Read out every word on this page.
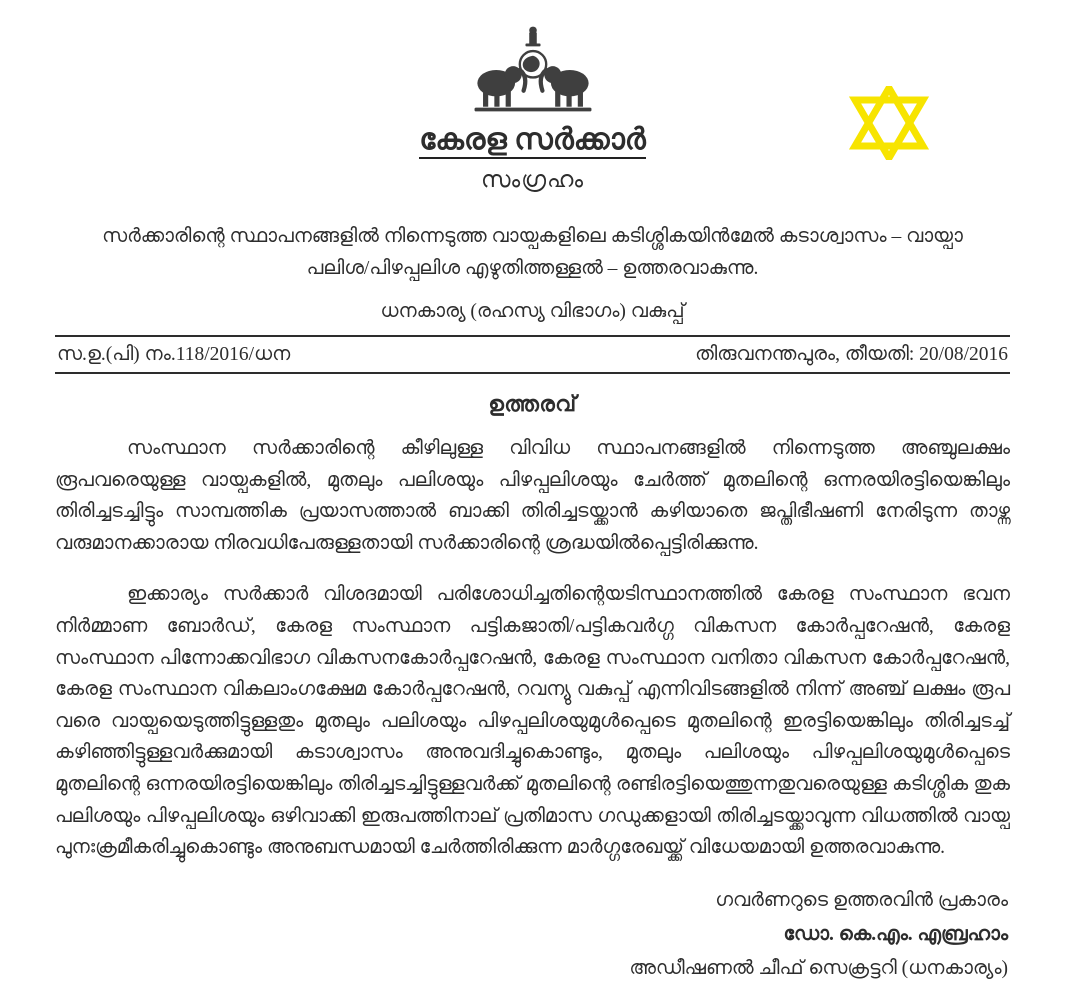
കേരള സർക്കാർ
സംഗ്രഹം

സർക്കാരിന്റെ സ്ഥാപനങ്ങളിൽ നിന്നെടുത്ത വായ്പകളിലെ കടിശ്ശികയിൻമേൽ കടാശ്വാസം – വായ്പാ പലിശ/പിഴപ്പലിശ എഴുതിത്തള്ളൽ – ഉത്തരവാകുന്നു.

ധനകാര്യ (രഹസ്യ വിഭാഗം) വകുപ്പ്
സ.ഉ.(പി) നം.118/2016/ധന	തിരുവനന്തപുരം, തീയതി: 20/08/2016
ഉത്തരവ്

സംസ്ഥാന സർക്കാരിന്റെ കീഴിലുള്ള വിവിധ സ്ഥാപനങ്ങളിൽ നിന്നെടുത്ത അഞ്ചുലക്ഷം രൂപവരെയുള്ള വായ്പകളിൽ, മുതലും പലിശയും പിഴപ്പലിശയും ചേർത്ത് മുതലിന്റെ ഒന്നരയിരട്ടിയെങ്കിലും തിരിച്ചടച്ചിട്ടും സാമ്പത്തിക പ്രയാസത്താൽ ബാക്കി തിരിച്ചടയ്ക്കാൻ കഴിയാതെ ജപ്തിഭീഷണി നേരിടുന്ന താഴ്ന്ന വരുമാനക്കാരായ നിരവധിപേരുള്ളതായി സർക്കാരിന്റെ ശ്രദ്ധയിൽപ്പെട്ടിരിക്കുന്നു.

ഇക്കാര്യം സർക്കാർ വിശദമായി പരിശോധിച്ചതിന്റെയടിസ്ഥാനത്തിൽ കേരള സംസ്ഥാന ഭവന നിർമ്മാണ ബോർഡ്, കേരള സംസ്ഥാന പട്ടികജാതി/പട്ടികവർഗ്ഗ വികസന കോർപ്പറേഷൻ, കേരള സംസ്ഥാന പിന്നോക്കവിഭാഗ വികസനകോർപ്പറേഷൻ, കേരള സംസ്ഥാന വനിതാ വികസന കോർപ്പറേഷൻ, കേരള സംസ്ഥാന വികലാംഗക്ഷേമ കോർപ്പറേഷൻ, റവന്യു വകുപ്പ് എന്നിവിടങ്ങളിൽ നിന്ന് അഞ്ച് ലക്ഷം രൂപ വരെ വായ്പയെടുത്തിട്ടുള്ളതും മുതലും പലിശയും പിഴപ്പലിശയുമുൾപ്പെടെ മുതലിന്റെ ഇരട്ടിയെങ്കിലും തിരിച്ചടച്ച് കഴിഞ്ഞിട്ടുള്ളവർക്കുമായി കടാശ്വാസം അനുവദിച്ചുകൊണ്ടും, മുതലും പലിശയും പിഴപ്പലിശയുമുൾപ്പെടെ മുതലിന്റെ ഒന്നരയിരട്ടിയെങ്കിലും തിരിച്ചടച്ചിട്ടുള്ളവർക്ക് മുതലിന്റെ രണ്ടിരട്ടിയെത്തുന്നതുവരെയുള്ള കടിശ്ശിക തുക പലിശയും പിഴപ്പലിശയും ഒഴിവാക്കി ഇരുപത്തിനാല് പ്രതിമാസ ഗഡുക്കളായി തിരിച്ചടയ്ക്കാവുന്ന വിധത്തിൽ വായ്പ പുനഃക്രമീകരിച്ചുകൊണ്ടും അനുബന്ധമായി ചേർത്തിരിക്കുന്ന മാർഗ്ഗരേഖയ്ക്ക് വിധേയമായി ഉത്തരവാകുന്നു.

ഗവർണറുടെ ഉത്തരവിൻ പ്രകാരം
ഡോ. കെ.എം. എബ്രഹാം
അഡീഷണൽ ചീഫ് സെക്രട്ടറി (ധനകാര്യം)
